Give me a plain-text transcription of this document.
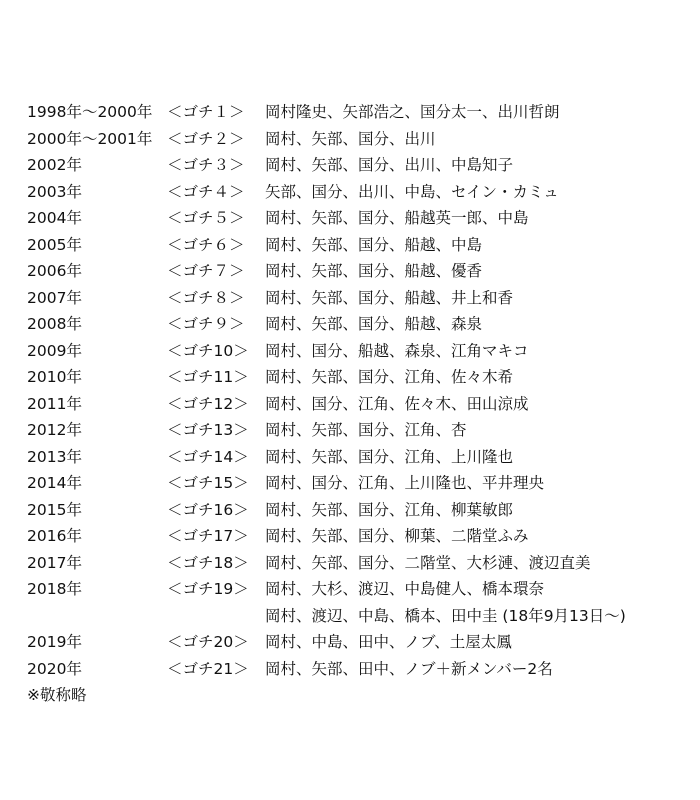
1998年〜2000年 ＜ゴチ１＞	岡村隆史、矢部浩之、国分太一、出川哲朗
2000年〜2001年 ＜ゴチ２＞	岡村、矢部、国分、出川
2002年	＜ゴチ３＞	岡村、矢部、国分、出川、中島知子
2003年	＜ゴチ４＞	矢部、国分、出川、中島、セイン・カミュ
2004年	＜ゴチ５＞	岡村、矢部、国分、船越英一郎、中島
2005年	＜ゴチ６＞	岡村、矢部、国分、船越、中島
2006年	＜ゴチ７＞	岡村、矢部、国分、船越、優香
2007年	＜ゴチ８＞	岡村、矢部、国分、船越、井上和香
2008年	＜ゴチ９＞	岡村、矢部、国分、船越、森泉
2009年	＜ゴチ10＞	岡村、国分、船越、森泉、江角マキコ
2010年	＜ゴチ11＞	岡村、矢部、国分、江角、佐々木希
2011年	＜ゴチ12＞	岡村、国分、江角、佐々木、田山涼成
2012年	＜ゴチ13＞	岡村、矢部、国分、江角、杏
2013年	＜ゴチ14＞	岡村、矢部、国分、江角、上川隆也
2014年	＜ゴチ15＞	岡村、国分、江角、上川隆也、平井理央
2015年	＜ゴチ16＞	岡村、矢部、国分、江角、柳葉敏郎
2016年	＜ゴチ17＞	岡村、矢部、国分、柳葉、二階堂ふみ
2017年	＜ゴチ18＞	岡村、矢部、国分、二階堂、大杉漣、渡辺直美
2018年	＜ゴチ19＞	岡村、大杉、渡辺、中島健人、橋本環奈
岡村、渡辺、中島、橋本、田中圭 (18年9月13日〜)
2019年	＜ゴチ20＞	岡村、中島、田中、ノブ、土屋太鳳
2020年	＜ゴチ21＞	岡村、矢部、田中、ノブ＋新メンバー2名
※敬称略
